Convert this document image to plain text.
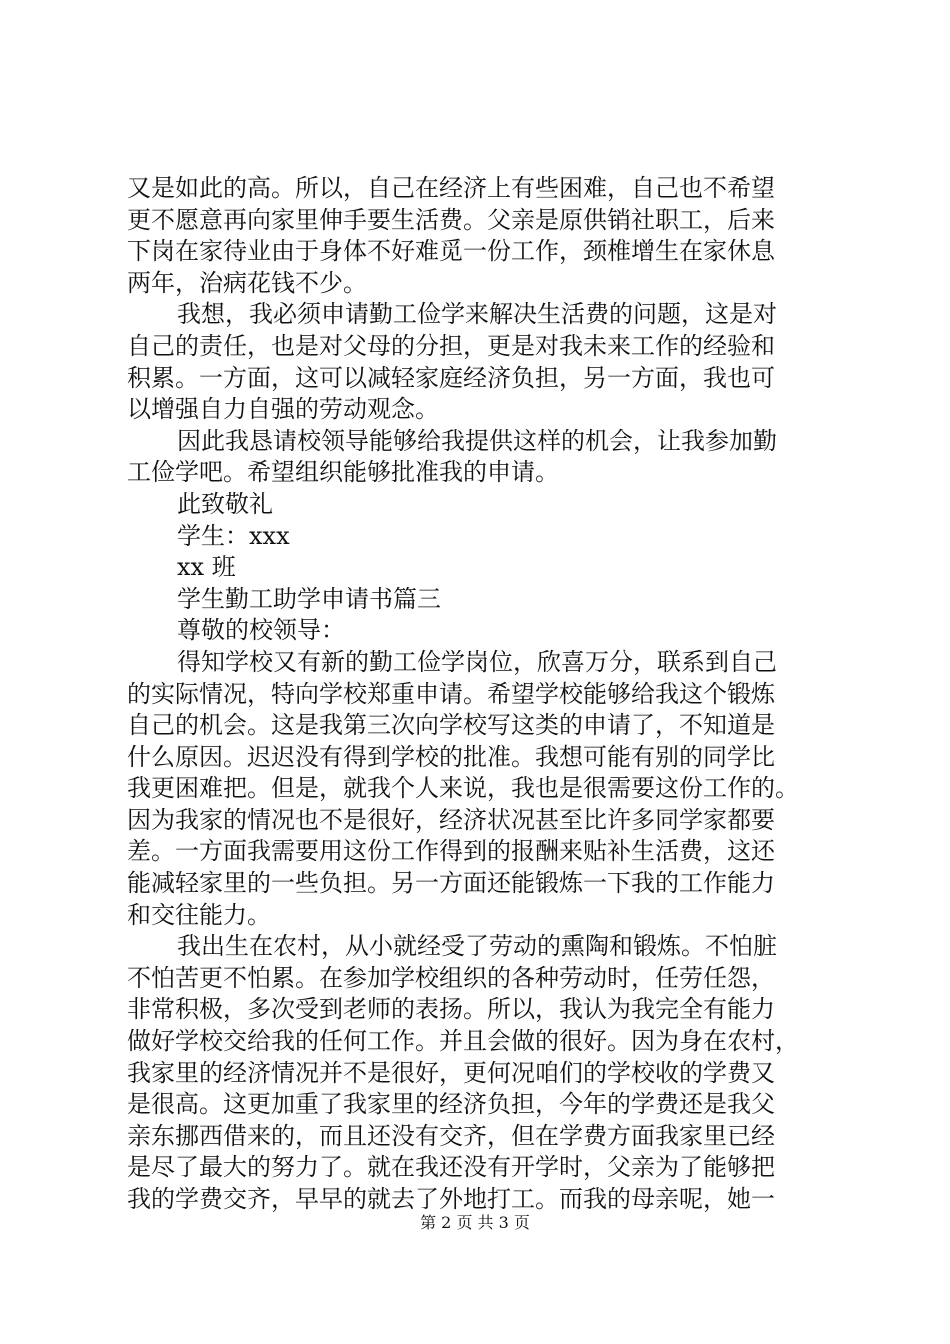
又是如此的高。所以，自己在经济上有些困难，自己也不希望
更不愿意再向家里伸手要生活费。父亲是原供销社职工，后来
下岗在家待业由于身体不好难觅一份工作，颈椎增生在家休息
两年，治病花钱不少。
我想，我必须申请勤工俭学来解决生活费的问题，这是对
自己的责任，也是对父母的分担，更是对我未来工作的经验和
积累。一方面，这可以减轻家庭经济负担，另一方面，我也可
以增强自力自强的劳动观念。
因此我恳请校领导能够给我提供这样的机会，让我参加勤
工俭学吧。希望组织能够批准我的申请。
此致敬礼
学生：xxx
xx 班
学生勤工助学申请书篇三
尊敬的校领导：
得知学校又有新的勤工俭学岗位，欣喜万分，联系到自己
的实际情况，特向学校郑重申请。希望学校能够给我这个锻炼
自己的机会。这是我第三次向学校写这类的申请了，不知道是
什么原因。迟迟没有得到学校的批准。我想可能有别的同学比
我更困难把。但是，就我个人来说，我也是很需要这份工作的。
因为我家的情况也不是很好，经济状况甚至比许多同学家都要
差。一方面我需要用这份工作得到的报酬来贴补生活费，这还
能减轻家里的一些负担。另一方面还能锻炼一下我的工作能力
和交往能力。
我出生在农村，从小就经受了劳动的熏陶和锻炼。不怕脏
不怕苦更不怕累。在参加学校组织的各种劳动时，任劳任怨，
非常积极，多次受到老师的表扬。所以，我认为我完全有能力
做好学校交给我的任何工作。并且会做的很好。因为身在农村，
我家里的经济情况并不是很好，更何况咱们的学校收的学费又
是很高。这更加重了我家里的经济负担，今年的学费还是我父
亲东挪西借来的，而且还没有交齐，但在学费方面我家里已经
是尽了最大的努力了。就在我还没有开学时，父亲为了能够把
我的学费交齐，早早的就去了外地打工。而我的母亲呢，她一
第 2 页 共 3 页
